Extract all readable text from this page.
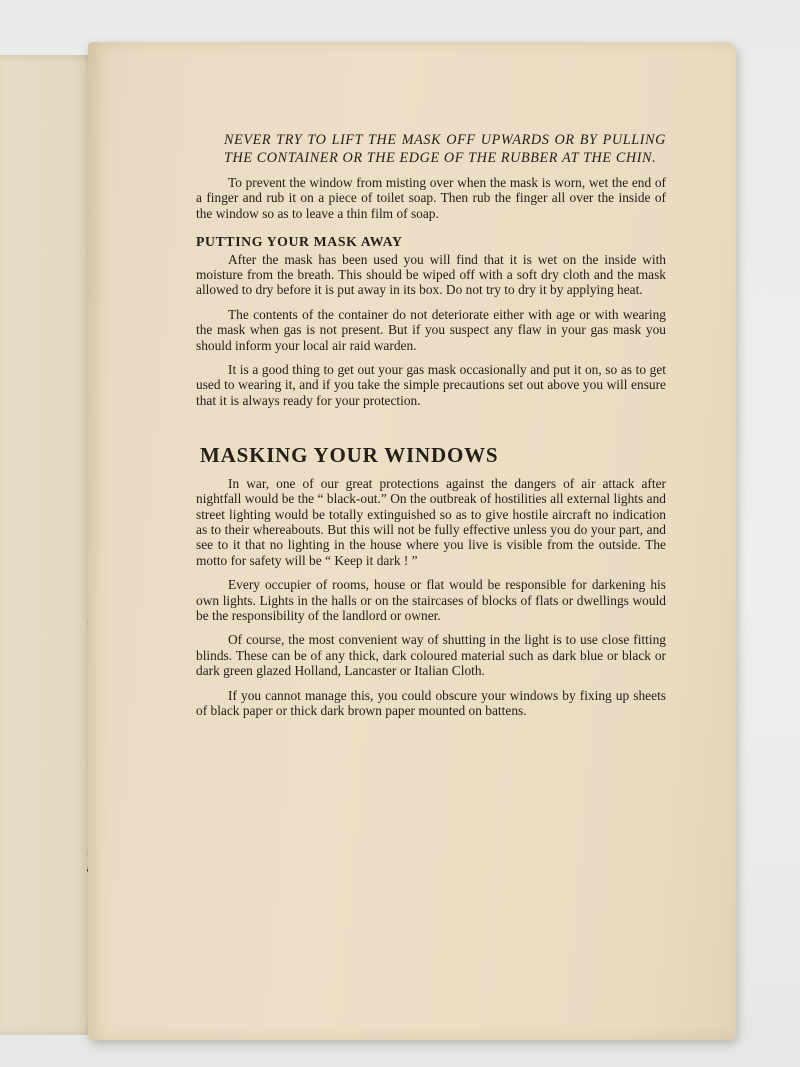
NEVER TRY TO LIFT THE MASK OFF UPWARDS OR BY PULLING THE CONTAINER OR THE EDGE OF THE RUBBER AT THE CHIN.

To prevent the window from misting over when the mask is worn, wet the end of a finger and rub it on a piece of toilet soap. Then rub the finger all over the inside of the window so as to leave a thin film of soap.

PUTTING YOUR MASK AWAY

After the mask has been used you will find that it is wet on the inside with moisture from the breath. This should be wiped off with a soft dry cloth and the mask allowed to dry before it is put away in its box. Do not try to dry it by applying heat.

The contents of the container do not deteriorate either with age or with wearing the mask when gas is not present. But if you suspect any flaw in your gas mask you should inform your local air raid warden.

It is a good thing to get out your gas mask occasionally and put it on, so as to get used to wearing it, and if you take the simple precautions set out above you will ensure that it is always ready for your protection.

MASKING YOUR WINDOWS

In war, one of our great protections against the dangers of air attack after nightfall would be the “ black-out.” On the outbreak of hostilities all external lights and street lighting would be totally extinguished so as to give hostile aircraft no indication as to their whereabouts. But this will not be fully effective unless you do your part, and see to it that no lighting in the house where you live is visible from the outside. The motto for safety will be “ Keep it dark ! ”

Every occupier of rooms, house or flat would be responsible for darkening his own lights. Lights in the halls or on the staircases of blocks of flats or dwellings would be the responsibility of the landlord or owner.

Of course, the most convenient way of shutting in the light is to use close fitting blinds. These can be of any thick, dark coloured material such as dark blue or black or dark green glazed Holland, Lancaster or Italian Cloth.

If you cannot manage this, you could obscure your windows by fixing up sheets of black paper or thick dark brown paper mounted on battens.
